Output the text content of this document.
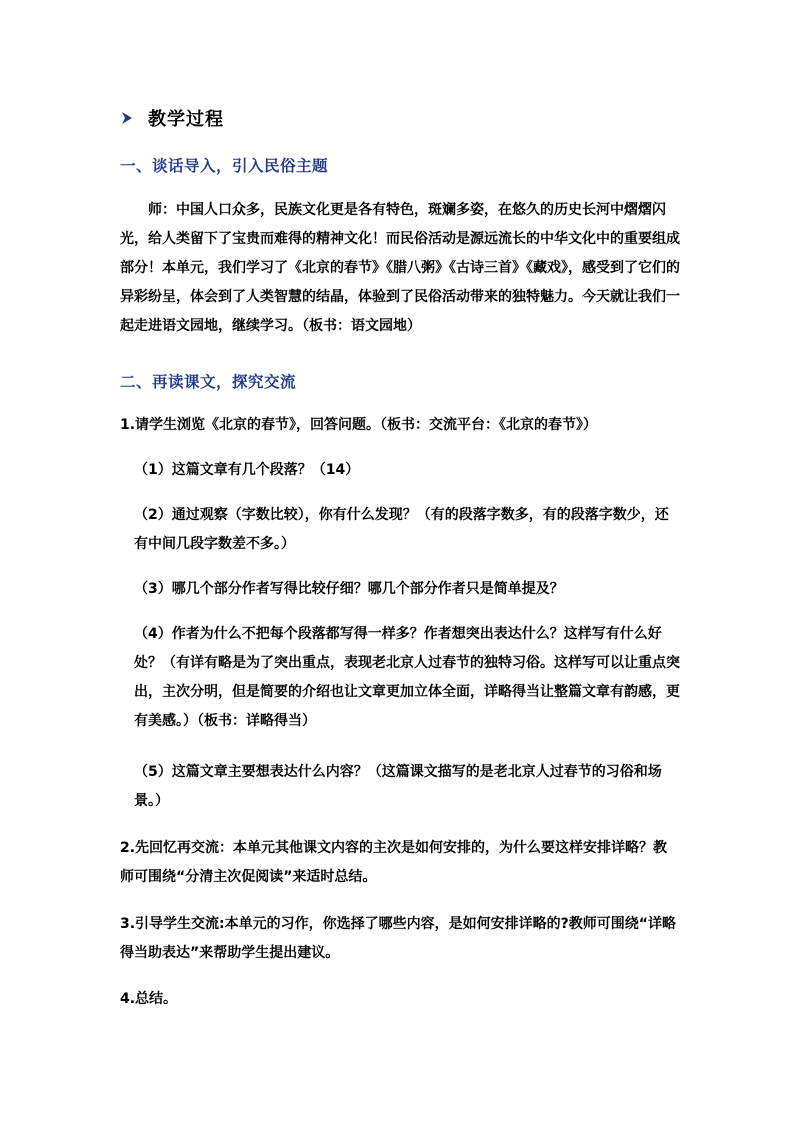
教学过程
一、谈话导入，引入民俗主题
师：中国人口众多，民族文化更是各有特色，斑斓多姿，在悠久的历史长河中熠熠闪光，给人类留下了宝贵而难得的精神文化！而民俗活动是源远流长的中华文化中的重要组成部分！本单元，我们学习了《北京的春节》《腊八粥》《古诗三首》《藏戏》，感受到了它们的异彩纷呈，体会到了人类智慧的结晶，体验到了民俗活动带来的独特魅力。今天就让我们一起走进语文园地，继续学习。（板书：语文园地）
二、再读课文，探究交流
1.请学生浏览《北京的春节》，回答问题。（板书：交流平台：《北京的春节》）
（1）这篇文章有几个段落？（14）
（2）通过观察（字数比较），你有什么发现？（有的段落字数多，有的段落字数少，还有中间几段字数差不多。）
（3）哪几个部分作者写得比较仔细？哪几个部分作者只是简单提及？
（4）作者为什么不把每个段落都写得一样多？作者想突出表达什么？这样写有什么好处？（有详有略是为了突出重点，表现老北京人过春节的独特习俗。这样写可以让重点突出，主次分明，但是简要的介绍也让文章更加立体全面，详略得当让整篇文章有韵感，更有美感。）（板书：详略得当）
（5）这篇文章主要想表达什么内容？（这篇课文描写的是老北京人过春节的习俗和场景。）
2.先回忆再交流：本单元其他课文内容的主次是如何安排的，为什么要这样安排详略？教师可围绕“分清主次促阅读”来适时总结。
3.引导学生交流:本单元的习作，你选择了哪些内容，是如何安排详略的?教师可围绕“详略得当助表达”来帮助学生提出建议。
4.总结。
